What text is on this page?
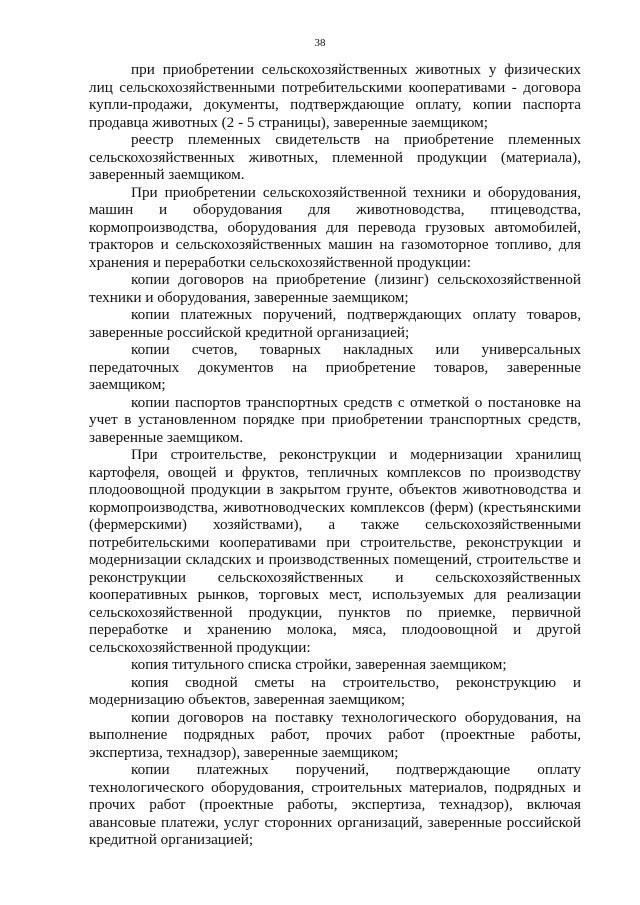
38

при приобретении сельскохозяйственных животных у физических лиц сельскохозяйственными потребительскими кооперативами - договора купли-продажи, документы, подтверждающие оплату, копии паспорта продавца животных (2 - 5 страницы), заверенные заемщиком;

реестр племенных свидетельств на приобретение племенных сельскохозяйственных животных, племенной продукции (материала), заверенный заемщиком.

При приобретении сельскохозяйственной техники и оборудования, машин и оборудования для животноводства, птицеводства, кормопроизводства, оборудования для перевода грузовых автомобилей, тракторов и сельскохозяйственных машин на газомоторное топливо, для хранения и переработки сельскохозяйственной продукции:

копии договоров на приобретение (лизинг) сельскохозяйственной техники и оборудования, заверенные заемщиком;

копии платежных поручений, подтверждающих оплату товаров, заверенные российской кредитной организацией;

копии счетов, товарных накладных или универсальных передаточных документов на приобретение товаров, заверенные заемщиком;

копии паспортов транспортных средств с отметкой о постановке на учет в установленном порядке при приобретении транспортных средств, заверенные заемщиком.

При строительстве, реконструкции и модернизации хранилищ картофеля, овощей и фруктов, тепличных комплексов по производству плодоовощной продукции в закрытом грунте, объектов животноводства и кормопроизводства, животноводческих комплексов (ферм) (крестьянскими (фермерскими) хозяйствами), а также сельскохозяйственными потребительскими кооперативами при строительстве, реконструкции и модернизации складских и производственных помещений, строительстве и реконструкции сельскохозяйственных и сельскохозяйственных кооперативных рынков, торговых мест, используемых для реализации сельскохозяйственной продукции, пунктов по приемке, первичной переработке и хранению молока, мяса, плодоовощной и другой сельскохозяйственной продукции:

копия титульного списка стройки, заверенная заемщиком;

копия сводной сметы на строительство, реконструкцию и модернизацию объектов, заверенная заемщиком;

копии договоров на поставку технологического оборудования, на выполнение подрядных работ, прочих работ (проектные работы, экспертиза, технадзор), заверенные заемщиком;

копии платежных поручений, подтверждающие оплату технологического оборудования, строительных материалов, подрядных и прочих работ (проектные работы, экспертиза, технадзор), включая авансовые платежи, услуг сторонних организаций, заверенные российской кредитной организацией;
